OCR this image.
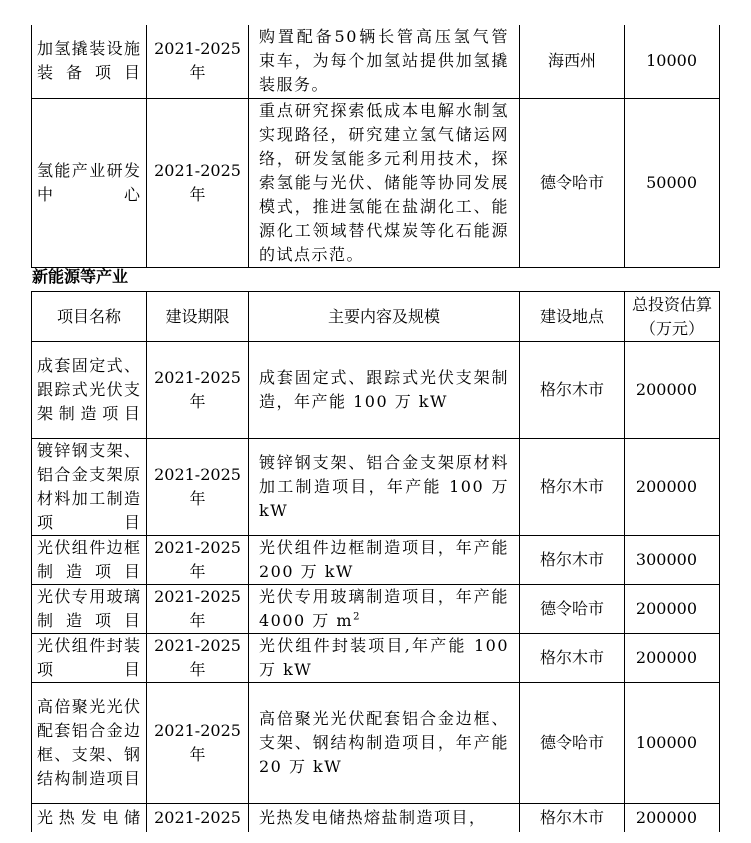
加氢撬装设施装备项目	2021-2025年	购置配备50辆长管高压氢气管束车，为每个加氢站提供加氢撬装服务。	海西州	10000
氢能产业研发中心	2021-2025年	重点研究探索低成本电解水制氢实现路径，研究建立氢气储运网络，研发氢能多元利用技术，探索氢能与光伏、储能等协同发展模式，推进氢能在盐湖化工、能源化工领域替代煤炭等化石能源的试点示范。	德令哈市	50000
新能源等产业
项目名称	建设期限	主要内容及规模	建设地点	总投资估算（万元）
成套固定式、跟踪式光伏支架制造项目	2021-2025年	成套固定式、跟踪式光伏支架制造，年产能 100 万 kW	格尔木市	200000
镀锌钢支架、铝合金支架原材料加工制造项目	2021-2025年	镀锌钢支架、铝合金支架原材料加工制造项目，年产能 100 万 kW	格尔木市	200000
光伏组件边框制造项目	2021-2025年	光伏组件边框制造项目，年产能 200 万 kW	格尔木市	300000
光伏专用玻璃制造项目	2021-2025年	光伏专用玻璃制造项目，年产能 4000 万 $m^2$	德令哈市	200000
光伏组件封装项目	2021-2025年	光伏组件封装项目,年产能 100 万 kW	格尔木市	200000
高倍聚光光伏配套铝合金边框、支架、钢结构制造项目	2021-2025年	高倍聚光光伏配套铝合金边框、支架、钢结构制造项目，年产能 20 万 kW	德令哈市	100000
光热发电储	2021-2025	光热发电储热熔盐制造项目，	格尔木市	200000
